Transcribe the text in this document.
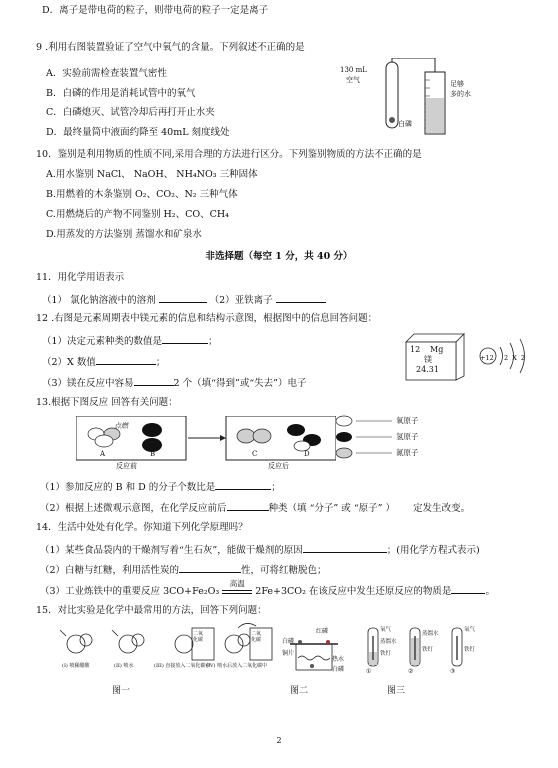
D．离子是带电荷的粒子，则带电荷的粒子一定是离子
9 .利用右图装置验证了空气中氧气的含量。下列叙述不正确的是
A．实验前需检查装置气密性
B．白磷的作用是消耗试管中的氧气
C．白磷熄灭、试管冷却后再打开止水夹
D．最终量筒中液面约降至 40mL 刻度线处
130 mL
空气
白磷
足够
多的水
10．鉴别是利用物质的性质不同,采用合理的方法进行区分。下列鉴别物质的方法不正确的是
A.用水鉴别 NaCl、 NaOH、 NH₄NO₃ 三种固体
B.用燃着的木条鉴别 O₂、CO₂、N₂ 三种气体
C.用燃烧后的产物不同鉴别 H₂、CO、CH₄
D.用蒸发的方法鉴别 蒸馏水和矿泉水
非选择题（每空 1 分，共 40 分）
11．用化学用语表示
（1） 氯化钠溶液中的溶剂	（2）亚铁离子
12 .右图是元素周期表中镁元素的信息和结构示意图，根据图中的信息回答问题：
（1）决定元素种类的数值是	；
（2）X 数值	；
（3）镁在反应中容易	2 个（填“得到”或“失去”）电子
12 Mg
镁
24.31
+12 2 X 2
13.根据下图反应 回答有关问题：
点燃
A	B	C	D
反应前	反应后
氧原子
氢原子
氮原子
（1）参加反应的 B 和 D 的分子个数比是	；
（2）根据上述微观示意图，在化学反应前后	种类（填 “分子” 或 “原子” ） 定发生改变。
14．生活中处处有化学。你知道下列化学原理吗？
（1）某些食品袋内的干燥剂写着“生石灰”，能做干燥剂的原因	；(用化学方程式表示)
（2）白糖与红糖，利用活性炭的	性，可将红糖脱色；
（3）工业炼铁中的重要反应 3CO+Fe₂O₃
高温
2Fe+3CO₂ 在该反应中发生还原反应的物质是	。
15．对比实验是化学中最常用的方法，回答下列问题：
(I) 喷稀醋酸	(II) 喷水	(III) 直接放入二氧化碳中
(IV) 喷水后放入二氧化碳中
二氧化碳
二氧化碳
红磷
白磷
铜片
热水
白磷
氧气
蒸馏水
铁钉
蒸馏水
铁钉
氧气
铁钉
①	②	③
图一	图二	图三
2
